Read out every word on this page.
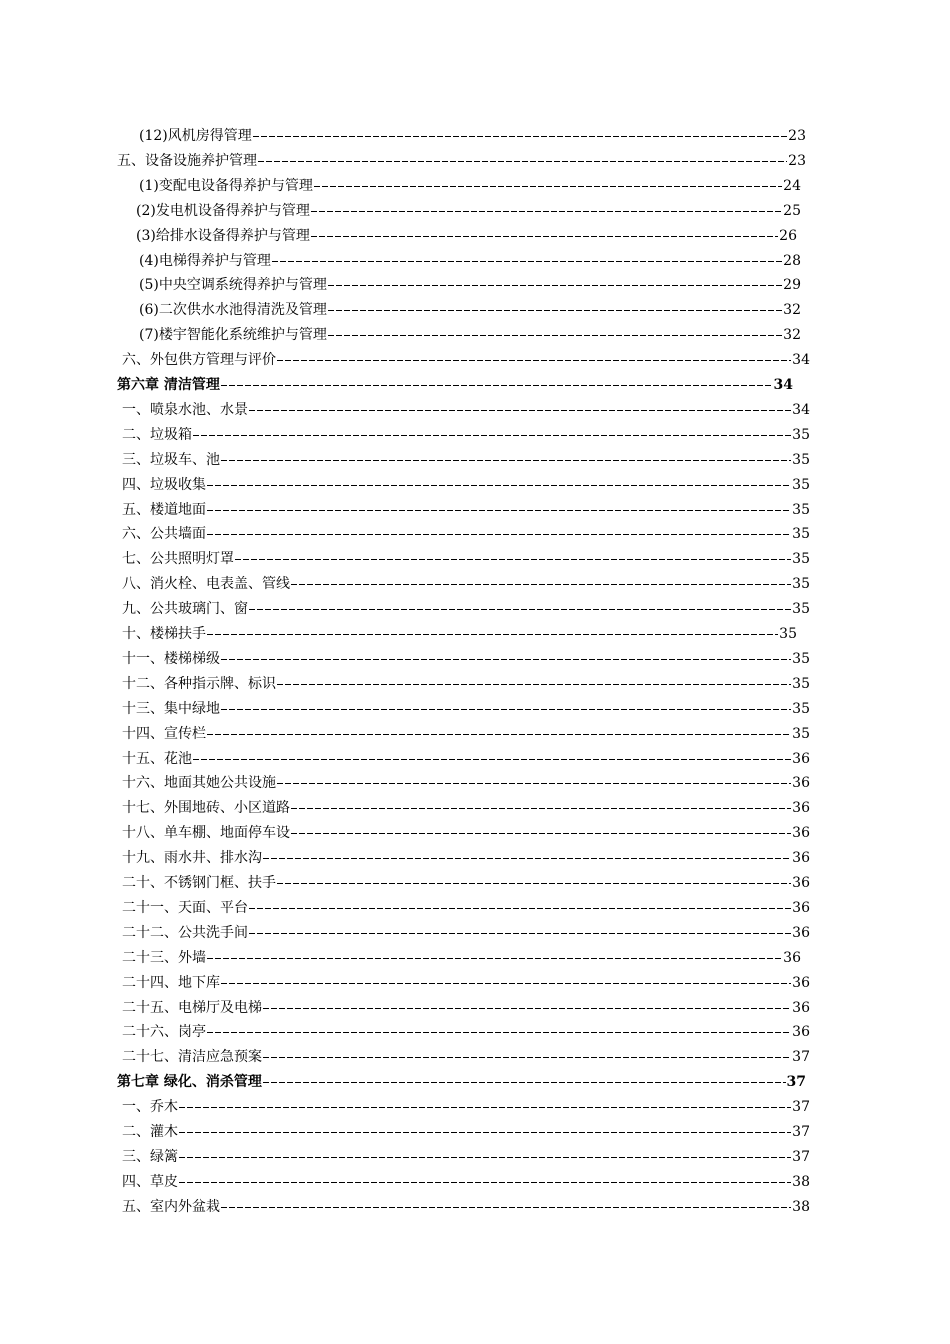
(12)风机房得管理	23
五、设备设施养护管理	23
(1)变配电设备得养护与管理	24
(2)发电机设备得养护与管理	25
(3)给排水设备得养护与管理	26
(4)电梯得养护与管理	28
(5)中央空调系统得养护与管理	29
(6)二次供水水池得清洗及管理	32
(7)楼宇智能化系统维护与管理	32
六、外包供方管理与评价	34
第六章 清洁管理	34
一、喷泉水池、水景	34
二、垃圾箱	35
三、垃圾车、池	35
四、垃圾收集	35
五、楼道地面	35
六、公共墙面	35
七、公共照明灯罩	35
八、消火栓、电表盖、管线	35
九、公共玻璃门、窗	35
十、楼梯扶手	35
十一、楼梯梯级	35
十二、各种指示牌、标识	35
十三、集中绿地	35
十四、宣传栏	35
十五、花池	36
十六、地面其她公共设施	36
十七、外围地砖、小区道路	36
十八、单车棚、地面停车设	36
十九、雨水井、排水沟	36
二十、不锈钢门框、扶手	36
二十一、天面、平台	36
二十二、公共洗手间	36
二十三、外墙	36
二十四、地下库	36
二十五、电梯厅及电梯	36
二十六、岗亭	36
二十七、清洁应急预案	37
第七章 绿化、消杀管理	37
一、乔木	37
二、灌木	37
三、绿篱	37
四、草皮	38
五、室内外盆栽	38
